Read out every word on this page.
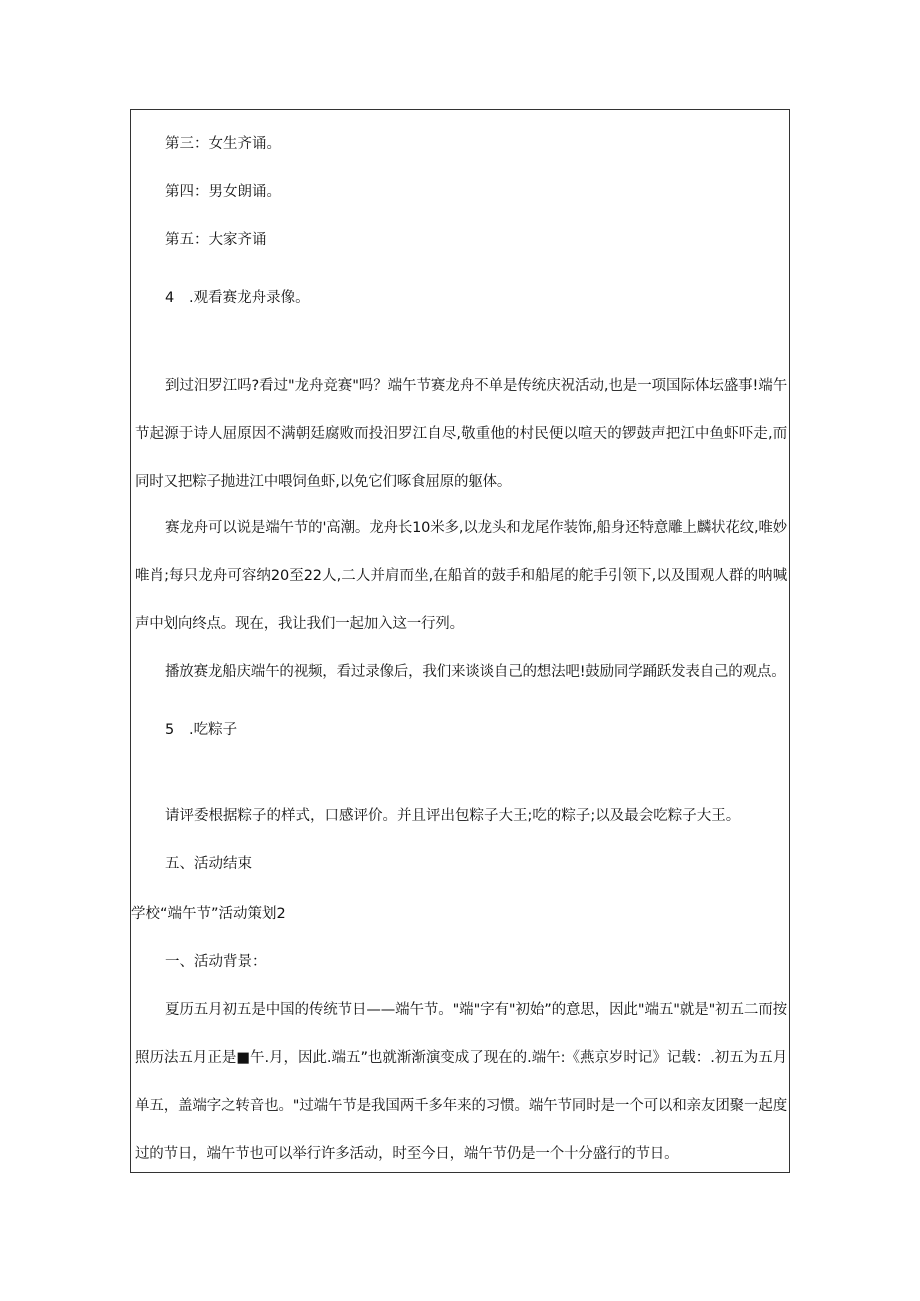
第三：女生齐诵。
第四：男女朗诵。
第五：大家齐诵
4 .观看赛龙舟录像。
到过汨罗江吗?看过"龙舟竞赛"吗？端午节赛龙舟不单是传统庆祝活动,也是一项国际体坛盛事!端午节起源于诗人屈原因不满朝廷腐败而投汨罗江自尽,敬重他的村民便以喧天的锣鼓声把江中鱼虾吓走,而同时又把粽子抛进江中喂饲鱼虾,以免它们啄食屈原的躯体。
赛龙舟可以说是端午节的'高潮。龙舟长10米多,以龙头和龙尾作装饰,船身还特意雕上麟状花纹,唯妙唯肖;每只龙舟可容纳20至22人,二人并肩而坐,在船首的鼓手和船尾的舵手引领下,以及围观人群的呐喊声中划向终点。现在，我让我们一起加入这一行列。
播放赛龙船庆端午的视频，看过录像后，我们来谈谈自己的想法吧!鼓励同学踊跃发表自己的观点。
5 .吃粽子
请评委根据粽子的样式，口感评价。并且评出包粽子大王;吃的粽子;以及最会吃粽子大王。
五、活动结束
学校“端午节”活动策划2
一、活动背景：
夏历五月初五是中国的传统节日——端午节。"端"字有"初始”的意思，因此"端五"就是"初五二而按照历法五月正是■午.月，因此.端五”也就渐渐演变成了现在的.端午:《燕京岁时记》记载：.初五为五月单五，盖端字之转音也。"过端午节是我国两千多年来的习惯。端午节同时是一个可以和亲友团聚一起度过的节日，端午节也可以举行许多活动，时至今日，端午节仍是一个十分盛行的节日。
